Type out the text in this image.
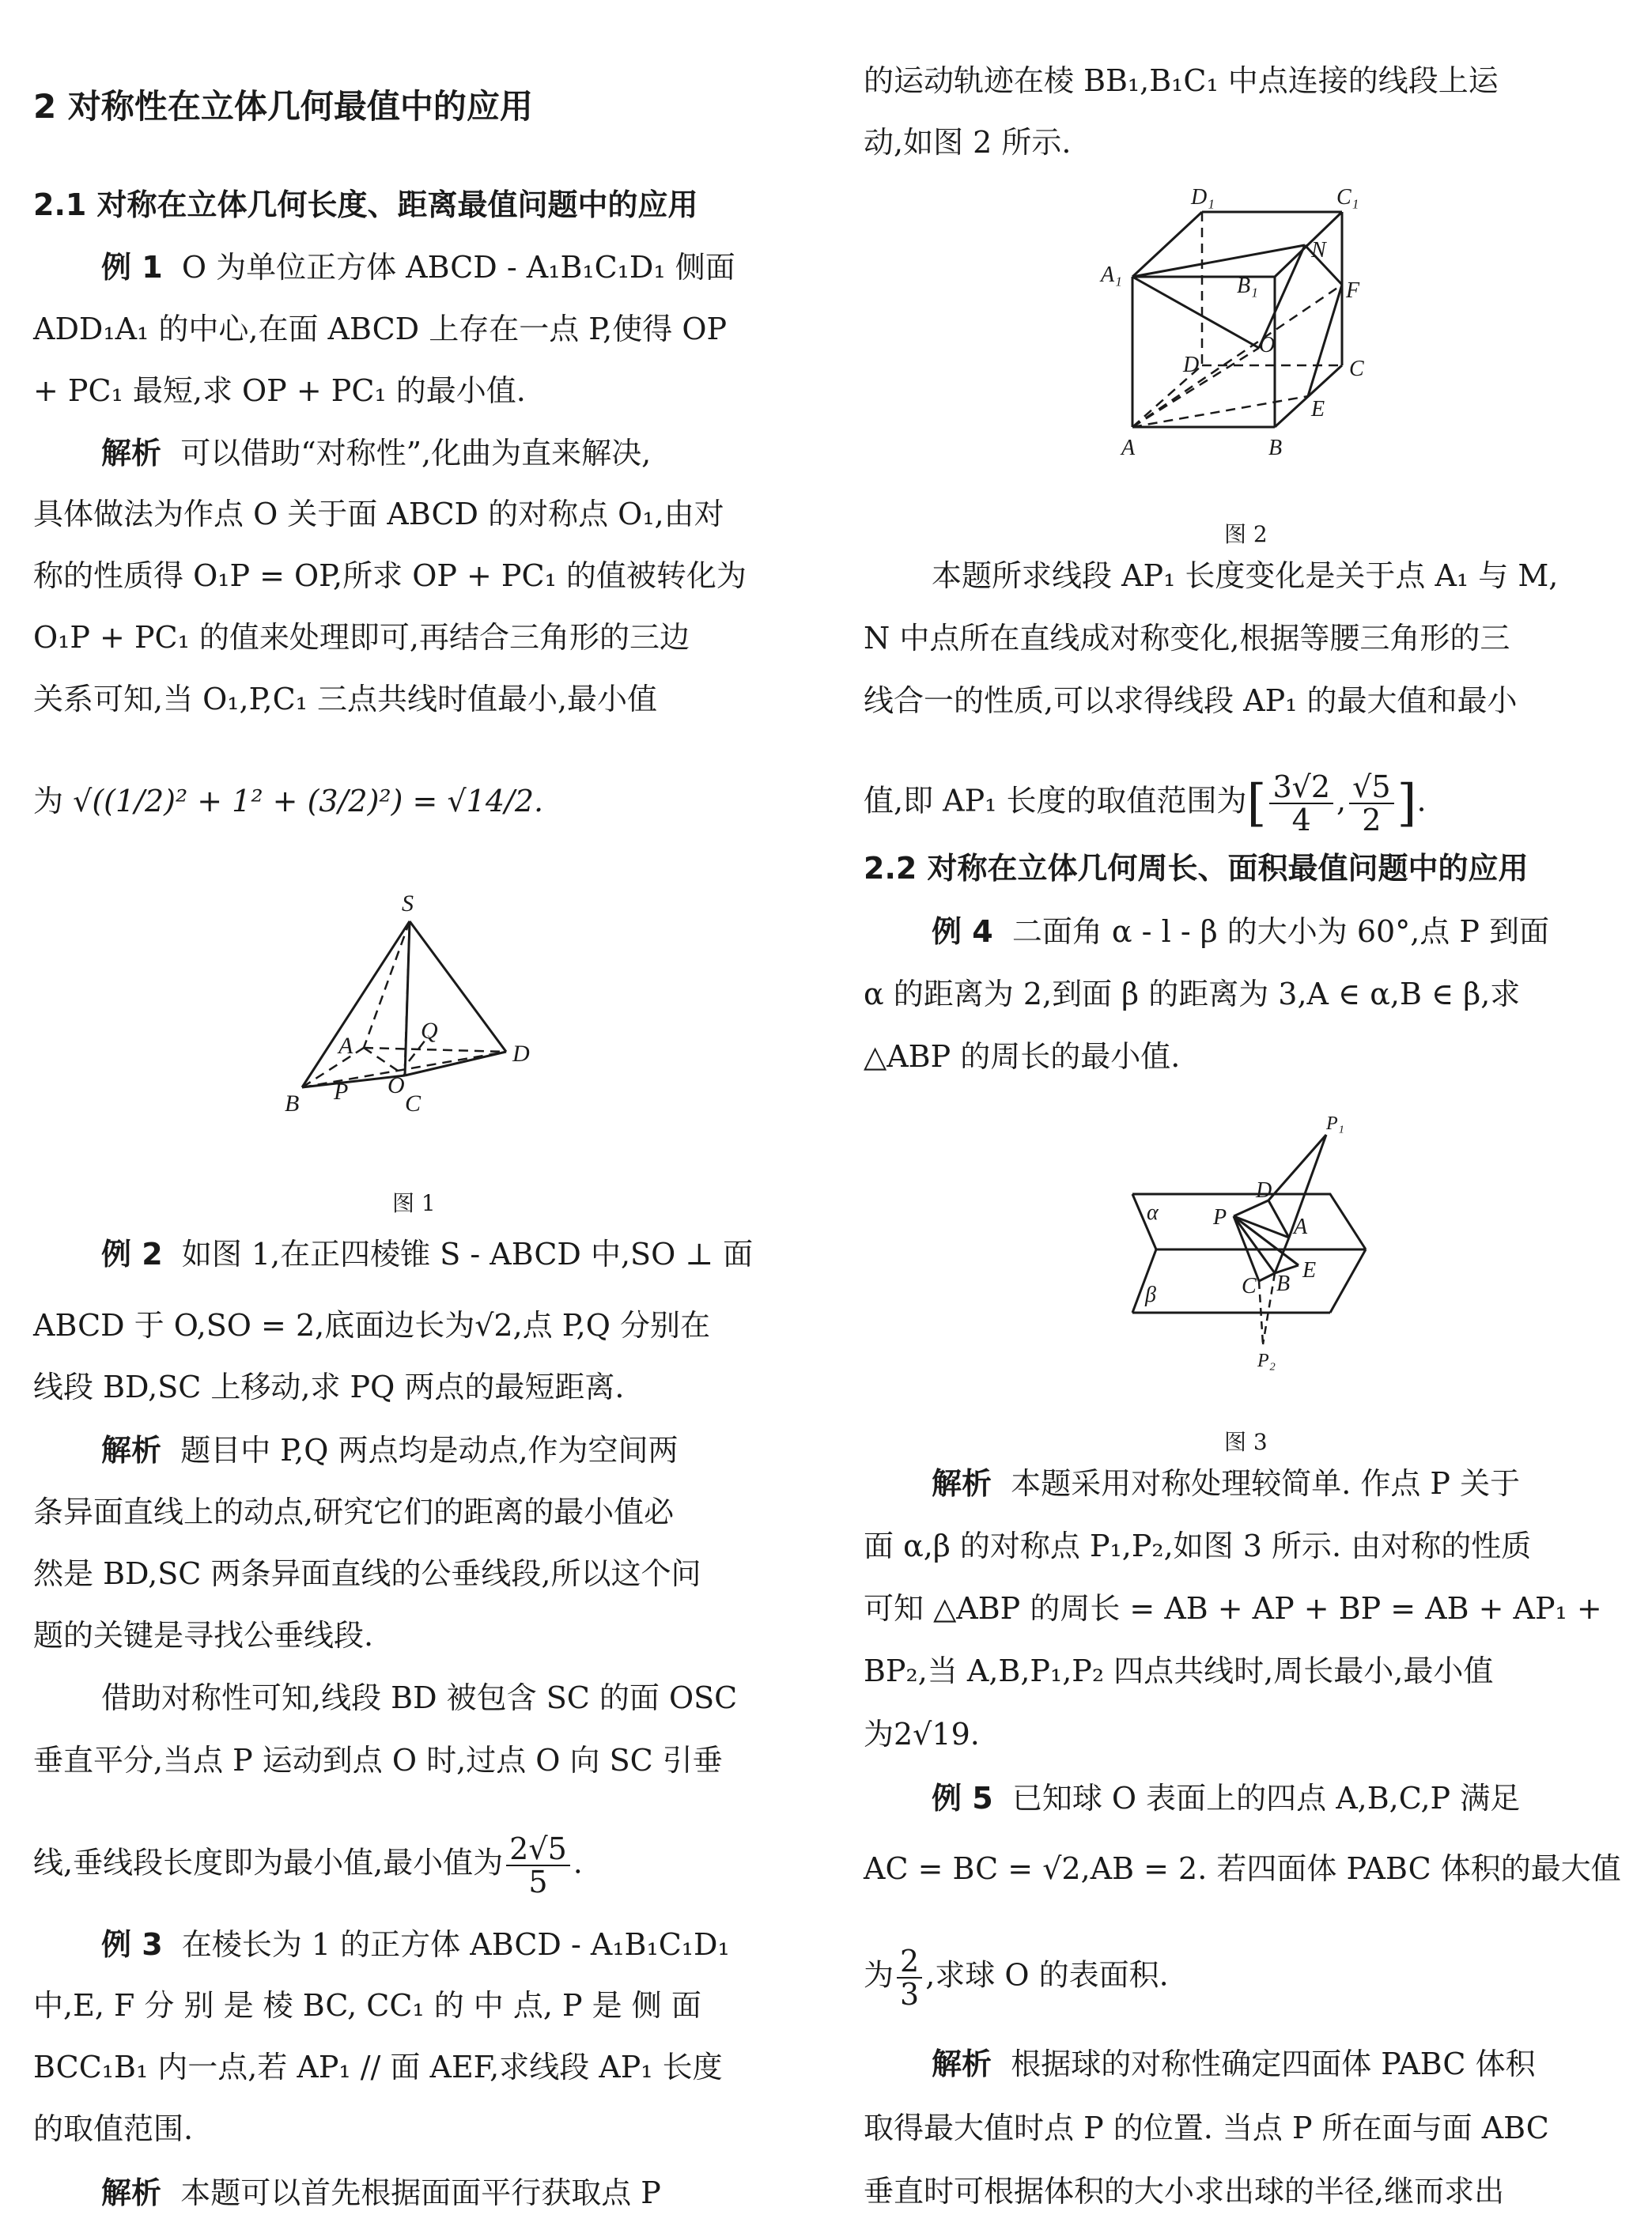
2 对称性在立体几何最值中的应用
2.1 对称在立体几何长度、距离最值问题中的应用
例 1 O 为单位正方体 ABCD - A₁B₁C₁D₁ 侧面
ADD₁A₁ 的中心,在面 ABCD 上存在一点 P,使得 OP
+ PC₁ 最短,求 OP + PC₁ 的最小值.
解析 可以借助“对称性”,化曲为直来解决,
具体做法为作点 O 关于面 ABCD 的对称点 O₁,由对
称的性质得 O₁P = OP,所求 OP + PC₁ 的值被转化为
O₁P + PC₁ 的值来处理即可,再结合三角形的三边
关系可知,当 O₁,P,C₁ 三点共线时值最小,最小值
为 √((1/2)² + 1² + (3/2)²) = √14/2.
S
A
B	C
D
O
P
Q
图 1
例 2 如图 1,在正四棱锥 S - ABCD 中,SO ⊥ 面
ABCD 于 O,SO = 2,底面边长为√2,点 P,Q 分别在
线段 BD,SC 上移动,求 PQ 两点的最短距离.
解析 题目中 P,Q 两点均是动点,作为空间两
条异面直线上的动点,研究它们的距离的最小值必
然是 BD,SC 两条异面直线的公垂线段,所以这个问
题的关键是寻找公垂线段.
借助对称性可知,线段 BD 被包含 SC 的面 OSC
垂直平分,当点 P 运动到点 O 时,过点 O 向 SC 引垂
线,垂线段长度即为最小值,最小值为 $\frac{2√5}{5}$ .
例 3 在棱长为 1 的正方体 ABCD - A₁B₁C₁D₁
中,E, F 分 别 是 棱 BC, CC₁ 的 中 点, P 是 侧 面
BCC₁B₁ 内一点,若 AP₁ // 面 AEF,求线段 AP₁ 长度
的取值范围.
解析 本题可以首先根据面面平行获取点 P
的运动轨迹在棱 BB₁,B₁C₁ 中点连接的线段上运
动,如图 2 所示.
D₁	C₁
A₁	B₁
N
F
O
D	C
E
A	B
图 2
本题所求线段 AP₁ 长度变化是关于点 A₁ 与 M,
N 中点所在直线成对称变化,根据等腰三角形的三
线合一的性质,可以求得线段 AP₁ 的最大值和最小
值,即 AP₁ 长度的取值范围为[ $\frac{3√2}{4}$ , $\frac{√5}{2}$ ].
2.2 对称在立体几何周长、面积最值问题中的应用
例 4 二面角 α - l - β 的大小为 60°,点 P 到面
α 的距离为 2,到面 β 的距离为 3,A ∈ α,B ∈ β,求
△ABP 的周长的最小值.
P₁
α
D
P	A
E
C B
β
P₂
图 3
解析 本题采用对称处理较简单. 作点 P 关于
面 α,β 的对称点 P₁,P₂,如图 3 所示. 由对称的性质
可知 △ABP 的周长 = AB + AP + BP = AB + AP₁ +
BP₂,当 A,B,P₁,P₂ 四点共线时,周长最小,最小值
为2√19.
例 5 已知球 O 表面上的四点 A,B,C,P 满足
AC = BC = √2,AB = 2. 若四面体 PABC 体积的最大值
为 $\frac{2}{3}$ ,求球 O 的表面积.
解析 根据球的对称性确定四面体 PABC 体积
取得最大值时点 P 的位置. 当点 P 所在面与面 ABC
垂直时可根据体积的大小求出球的半径,继而求出
